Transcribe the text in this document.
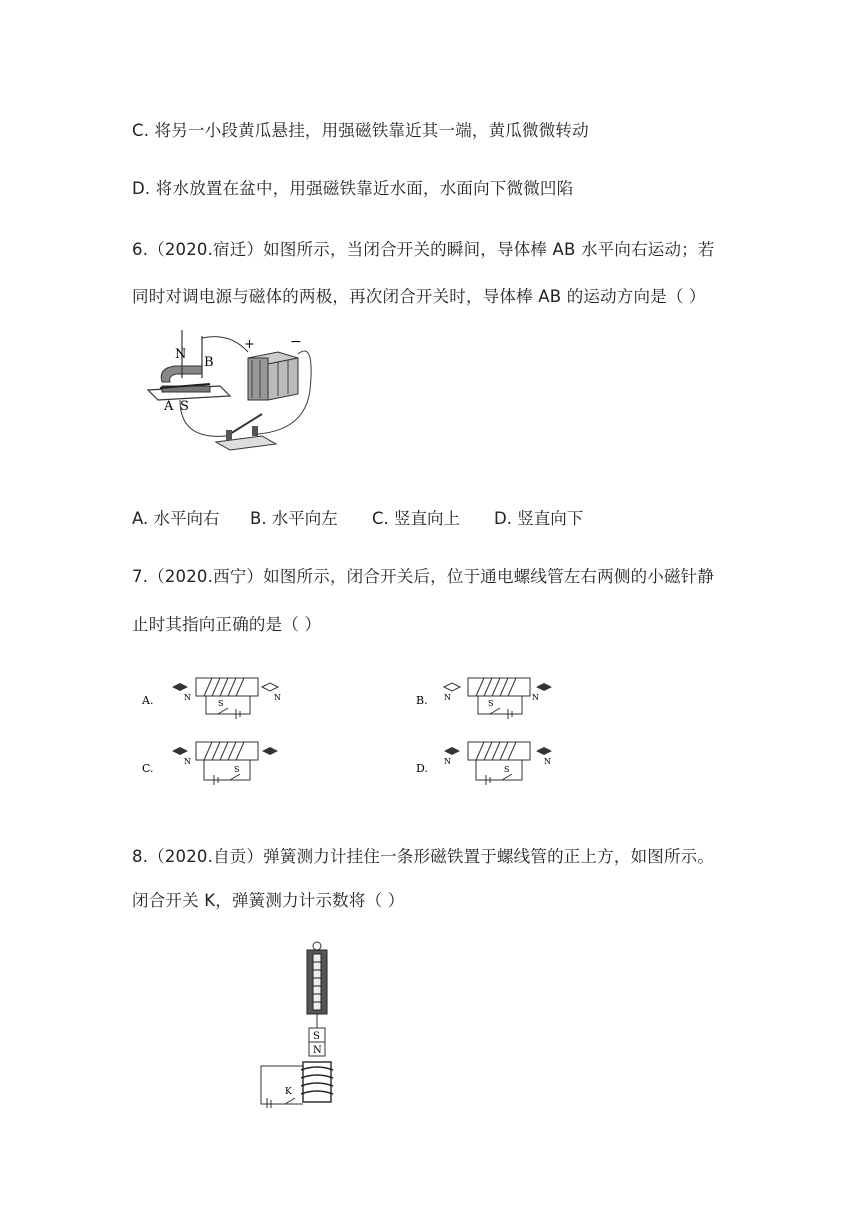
C. 将另一小段黄瓜悬挂，用强磁铁靠近其一端，黄瓜微微转动
D. 将水放置在盆中，用强磁铁靠近水面，水面向下微微凹陷
6.（2020.宿迁）如图所示，当闭合开关的瞬间，导体棒 AB 水平向右运动；若
同时对调电源与磁体的两极，再次闭合开关时，导体棒 AB 的运动方向是（ ）
N
B
A S
+	−
A. 水平向右 B. 水平向左 C. 竖直向上 D. 竖直向下
7.（2020.西宁）如图所示，闭合开关后，位于通电螺线管左右两侧的小磁针静
止时其指向正确的是（ ）
A.	N	N
S	B. N	N
S
C.
N
S	D.
N	N
S
8.（2020.自贡）弹簧测力计挂住一条形磁铁置于螺线管的正上方，如图所示。
闭合开关 K，弹簧测力计示数将（ ）
S
N
K
